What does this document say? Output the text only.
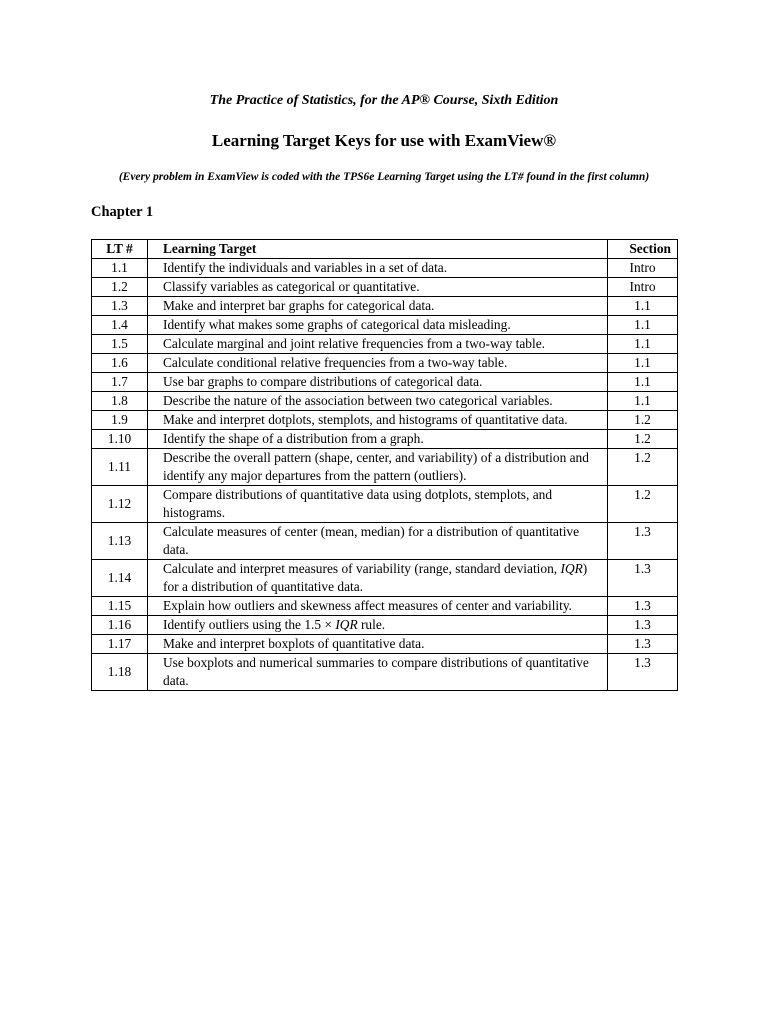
The Practice of Statistics, for the AP® Course, Sixth Edition
Learning Target Keys for use with ExamView®
(Every problem in ExamView is coded with the TPS6e Learning Target using the LT# found in the first column)
Chapter 1
LT #	Learning Target	Section
1.1	Identify the individuals and variables in a set of data.	Intro
1.2	Classify variables as categorical or quantitative.	Intro
1.3	Make and interpret bar graphs for categorical data.	1.1
1.4	Identify what makes some graphs of categorical data misleading.	1.1
1.5	Calculate marginal and joint relative frequencies from a two-way table.	1.1
1.6	Calculate conditional relative frequencies from a two-way table.	1.1
1.7	Use bar graphs to compare distributions of categorical data.	1.1
1.8	Describe the nature of the association between two categorical variables.	1.1
1.9	Make and interpret dotplots, stemplots, and histograms of quantitative data.	1.2
1.10	Identify the shape of a distribution from a graph.	1.2
1.11	Describe the overall pattern (shape, center, and variability) of a distribution and identify any major departures from the pattern (outliers).	1.2
1.12	Compare distributions of quantitative data using dotplots, stemplots, and histograms.	1.2
1.13	Calculate measures of center (mean, median) for a distribution of quantitative data.	1.3
1.14	Calculate and interpret measures of variability (range, standard deviation, IQR) for a distribution of quantitative data.	1.3
1.15	Explain how outliers and skewness affect measures of center and variability.	1.3
1.16	Identify outliers using the 1.5 × IQR rule.	1.3
1.17	Make and interpret boxplots of quantitative data.	1.3
1.18	Use boxplots and numerical summaries to compare distributions of quantitative data.	1.3
